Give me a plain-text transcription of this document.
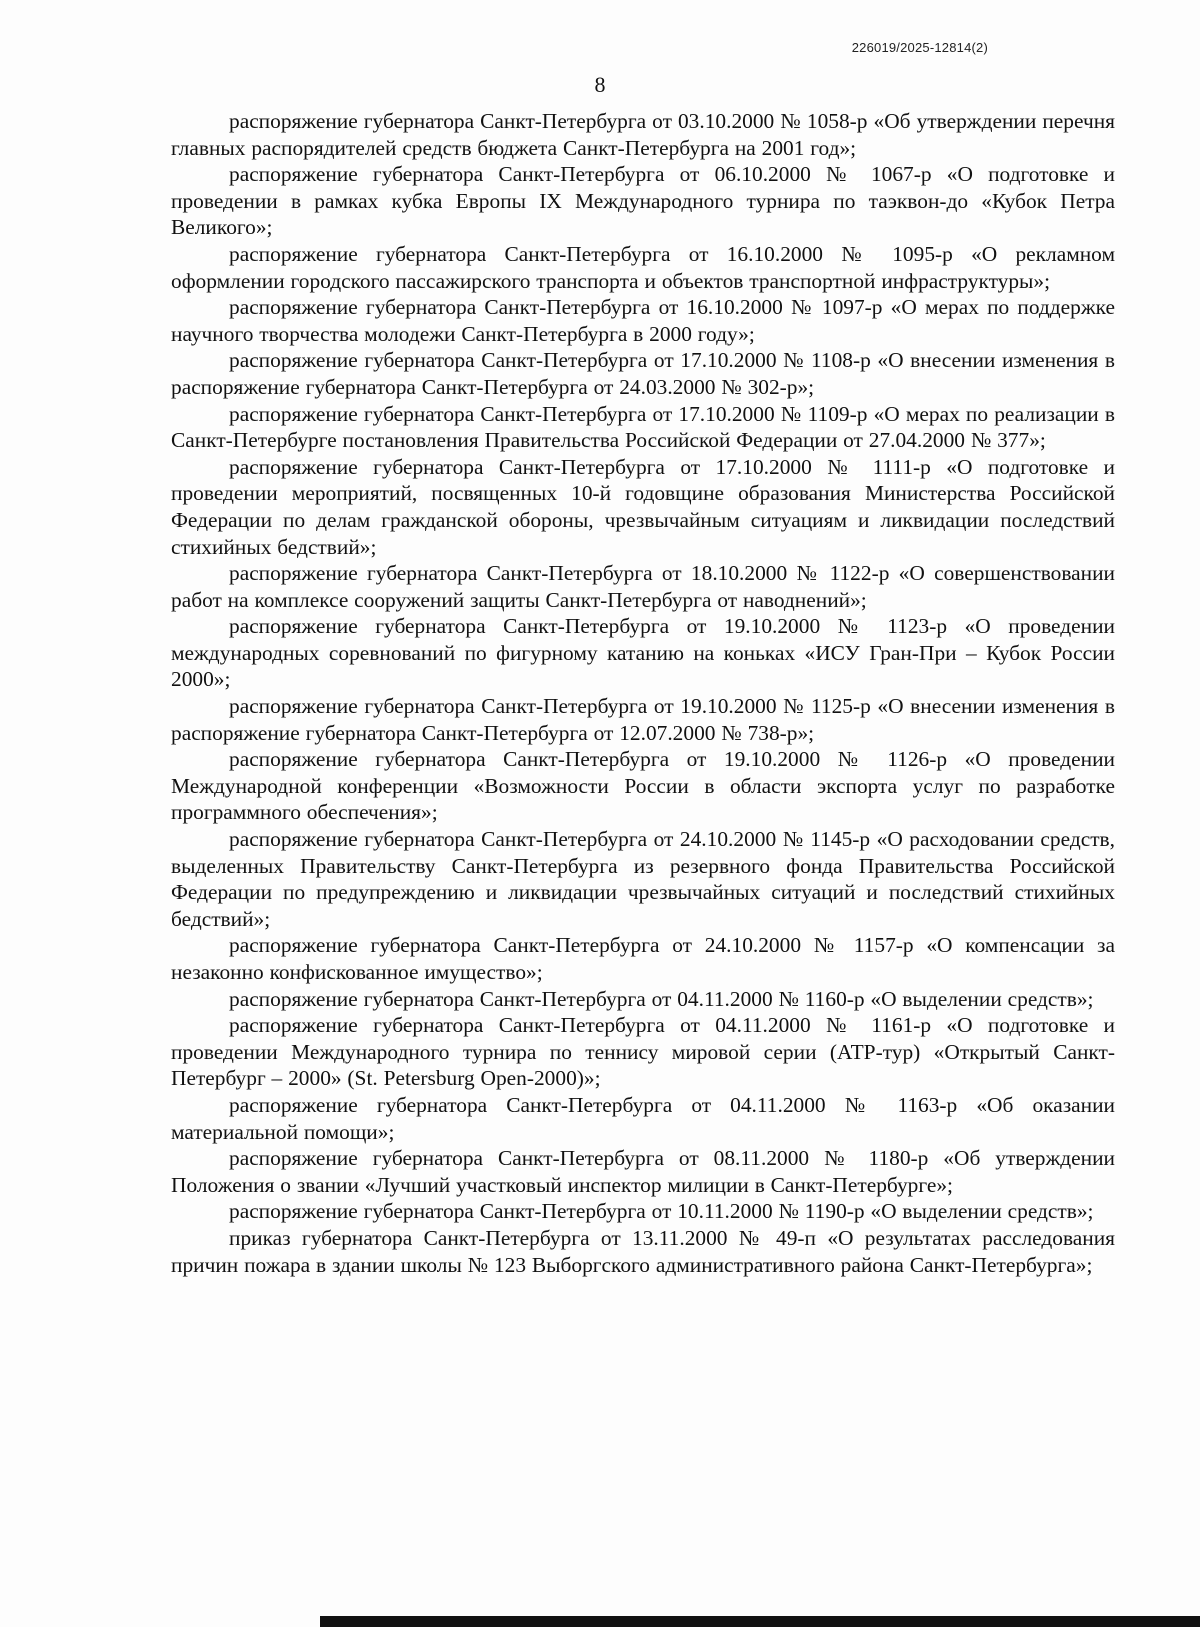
226019/2025-12814(2)
8

распоряжение губернатора Санкт-Петербурга от 03.10.2000 № 1058-р «Об утверждении перечня главных распорядителей средств бюджета Санкт-Петербурга на 2001 год»;

распоряжение губернатора Санкт-Петербурга от 06.10.2000 № 1067-р «О подготовке и проведении в рамках кубка Европы IX Международного турнира по таэквон-до «Кубок Петра Великого»;

распоряжение губернатора Санкт-Петербурга от 16.10.2000 № 1095-р «О рекламном оформлении городского пассажирского транспорта и объектов транспортной инфраструктуры»;

распоряжение губернатора Санкт-Петербурга от 16.10.2000 № 1097-р «О мерах по поддержке научного творчества молодежи Санкт-Петербурга в 2000 году»;

распоряжение губернатора Санкт-Петербурга от 17.10.2000 № 1108-р «О внесении изменения в распоряжение губернатора Санкт-Петербурга от 24.03.2000 № 302-р»;

распоряжение губернатора Санкт-Петербурга от 17.10.2000 № 1109-р «О мерах по реализации в Санкт-Петербурге постановления Правительства Российской Федерации от 27.04.2000 № 377»;

распоряжение губернатора Санкт-Петербурга от 17.10.2000 № 1111-р «О подготовке и проведении мероприятий, посвященных 10-й годовщине образования Министерства Российской Федерации по делам гражданской обороны, чрезвычайным ситуациям и ликвидации последствий стихийных бедствий»;

распоряжение губернатора Санкт-Петербурга от 18.10.2000 № 1122-р «О совершенствовании работ на комплексе сооружений защиты Санкт-Петербурга от наводнений»;

распоряжение губернатора Санкт-Петербурга от 19.10.2000 № 1123-р «О проведении международных соревнований по фигурному катанию на коньках «ИСУ Гран-При – Кубок России 2000»;

распоряжение губернатора Санкт-Петербурга от 19.10.2000 № 1125-р «О внесении изменения в распоряжение губернатора Санкт-Петербурга от 12.07.2000 № 738-р»;

распоряжение губернатора Санкт-Петербурга от 19.10.2000 № 1126-р «О проведении Международной конференции «Возможности России в области экспорта услуг по разработке программного обеспечения»;

распоряжение губернатора Санкт-Петербурга от 24.10.2000 № 1145-р «О расходовании средств, выделенных Правительству Санкт-Петербурга из резервного фонда Правительства Российской Федерации по предупреждению и ликвидации чрезвычайных ситуаций и последствий стихийных бедствий»;

распоряжение губернатора Санкт-Петербурга от 24.10.2000 № 1157-р «О компенсации за незаконно конфискованное имущество»;

распоряжение губернатора Санкт-Петербурга от 04.11.2000 № 1160-р «О выделении средств»;

распоряжение губернатора Санкт-Петербурга от 04.11.2000 № 1161-р «О подготовке и проведении Международного турнира по теннису мировой серии (АТР-тур) «Открытый Санкт-Петербург – 2000» (St. Petersburg Open-2000)»;

распоряжение губернатора Санкт-Петербурга от 04.11.2000 № 1163-р «Об оказании материальной помощи»;

распоряжение губернатора Санкт-Петербурга от 08.11.2000 № 1180-р «Об утверждении Положения о звании «Лучший участковый инспектор милиции в Санкт-Петербурге»;

распоряжение губернатора Санкт-Петербурга от 10.11.2000 № 1190-р «О выделении средств»;

приказ губернатора Санкт-Петербурга от 13.11.2000 № 49-п «О результатах расследования причин пожара в здании школы № 123 Выборгского административного района Санкт-Петербурга»;
